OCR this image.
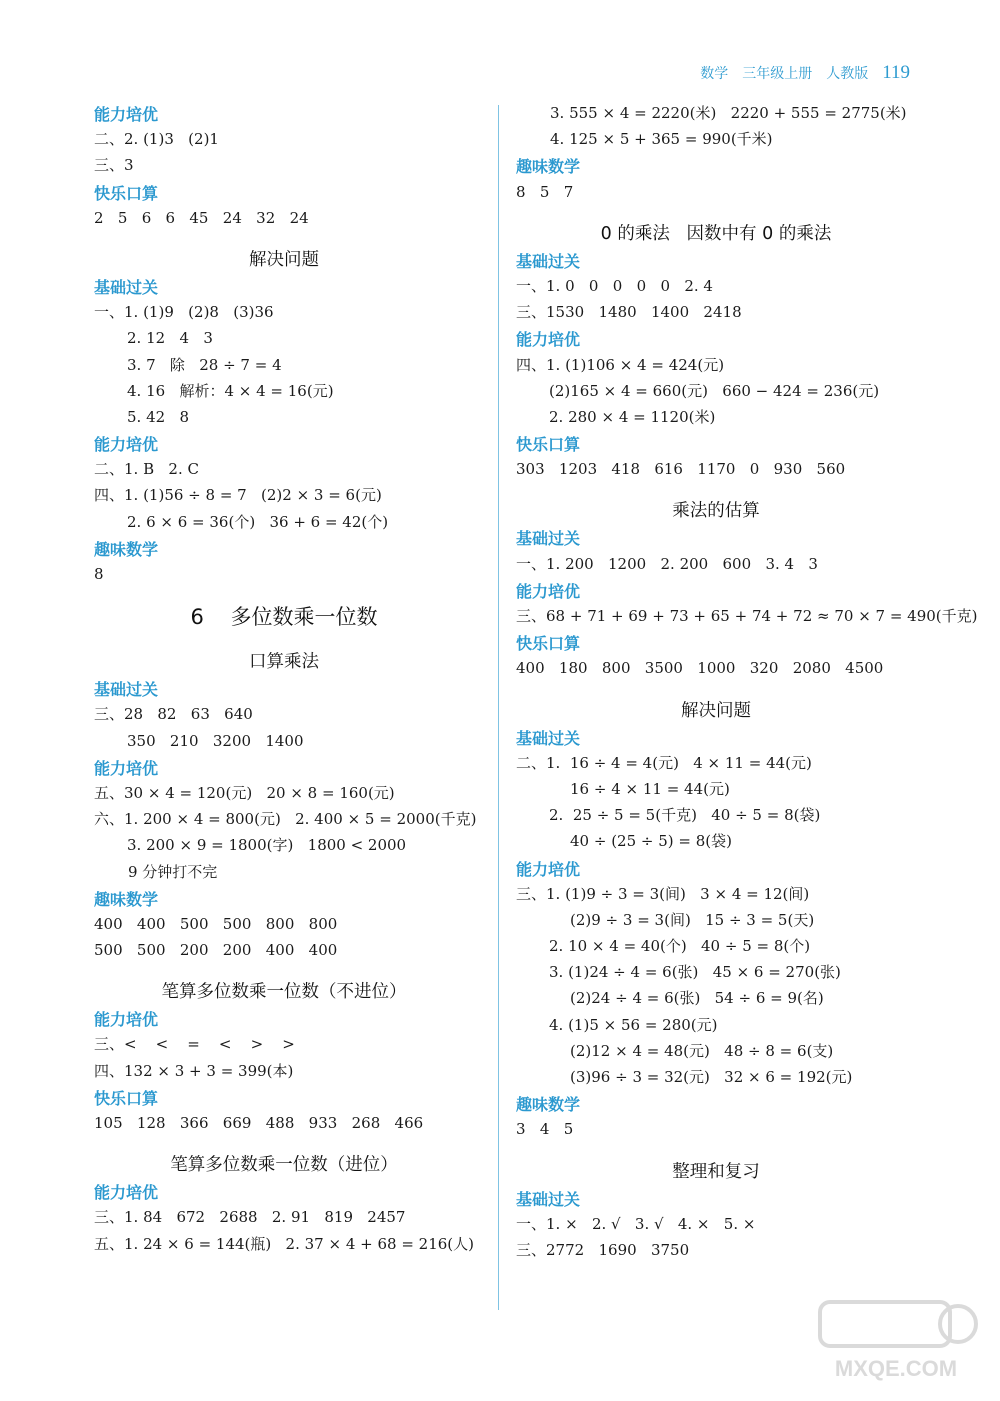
数学 三年级上册 人教版 119
能力培优
二、2. (1)3   (2)1
三、3
快乐口算
2   5   6   6   45   24   32   24
解决问题
基础过关
一、1. (1)9   (2)8   (3)36
2. 12   4   3
3. 7   除   28 ÷ 7 = 4
4. 16   解析：4 × 4 = 16(元)
5. 42   8
能力培优
二、1. B   2. C
四、1. (1)56 ÷ 8 = 7   (2)2 × 3 = 6(元)
2. 6 × 6 = 36(个)   36 + 6 = 42(个)
趣味数学
8
6    多位数乘一位数
口算乘法
基础过关
三、28   82   63   640
350   210   3200   1400
能力培优
五、30 × 4 = 120(元)   20 × 8 = 160(元)
六、1. 200 × 4 = 800(元)   2. 400 × 5 = 2000(千克)
3. 200 × 9 = 1800(字)   1800 < 2000
9 分钟打不完
趣味数学
400   400   500   500   800   800
500   500   200   200   400   400
笔算多位数乘一位数（不进位）
能力培优
三、<    <    =    <    >    >
四、132 × 3 + 3 = 399(本)
快乐口算
105   128   366   669   488   933   268   466
笔算多位数乘一位数（进位）
能力培优
三、1. 84   672   2688   2. 91   819   2457
五、1. 24 × 6 = 144(瓶)   2. 37 × 4 + 68 = 216(人)
3. 555 × 4 = 2220(米)   2220 + 555 = 2775(米)
4. 125 × 5 + 365 = 990(千米)
趣味数学
8   5   7
0 的乘法   因数中有 0 的乘法
基础过关
一、1. 0   0   0   0   0   2. 4
三、1530   1480   1400   2418
能力培优
四、1. (1)106 × 4 = 424(元)
(2)165 × 4 = 660(元)   660 − 424 = 236(元)
2. 280 × 4 = 1120(米)
快乐口算
303   1203   418   616   1170   0   930   560
乘法的估算
基础过关
一、1. 200   1200   2. 200   600   3. 4   3
能力培优
三、68 + 71 + 69 + 73 + 65 + 74 + 72 ≈ 70 × 7 = 490(千克)
快乐口算
400   180   800   3500   1000   320   2080   4500
解决问题
基础过关
二、1.  16 ÷ 4 = 4(元)   4 × 11 = 44(元)
16 ÷ 4 × 11 = 44(元)
2.  25 ÷ 5 = 5(千克)   40 ÷ 5 = 8(袋)
40 ÷ (25 ÷ 5) = 8(袋)
能力培优
三、1. (1)9 ÷ 3 = 3(间)   3 × 4 = 12(间)
(2)9 ÷ 3 = 3(间)   15 ÷ 3 = 5(天)
2. 10 × 4 = 40(个)   40 ÷ 5 = 8(个)
3. (1)24 ÷ 4 = 6(张)   45 × 6 = 270(张)
(2)24 ÷ 4 = 6(张)   54 ÷ 6 = 9(名)
4. (1)5 × 56 = 280(元)
(2)12 × 4 = 48(元)   48 ÷ 8 = 6(支)
(3)96 ÷ 3 = 32(元)   32 × 6 = 192(元)
趣味数学
3   4   5
整理和复习
基础过关
一、1. ×   2. √   3. √   4. ×   5. ×
三、2772   1690   3750
MXQE.COM
